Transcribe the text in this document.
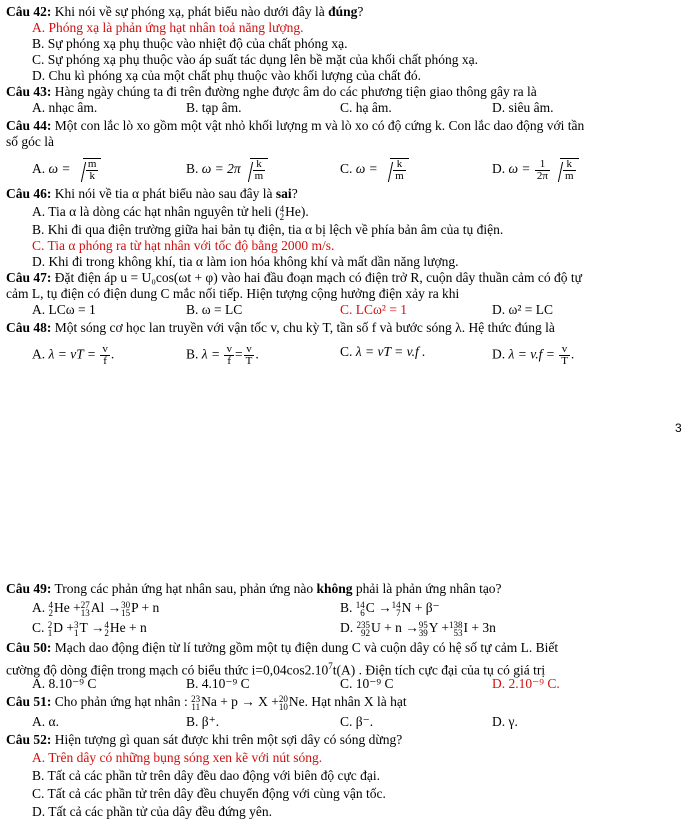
Câu 42: Khi nói về sự phóng xạ, phát biểu nào dưới đây là đúng?
A. Phóng xạ là phản ứng hạt nhân toả năng lượng.
B. Sự phóng xạ phụ thuộc vào nhiệt độ của chất phóng xạ.
C. Sự phóng xạ phụ thuộc vào áp suất tác dụng lên bề mặt của khối chất phóng xạ.
D. Chu kì phóng xạ của một chất phụ thuộc vào khối lượng của chất đó.
Câu 43: Hàng ngày chúng ta đi trên đường nghe được âm do các phương tiện giao thông gây ra là
A. nhạc âm.	B. tạp âm.	C. hạ âm.	D. siêu âm.
Câu 44: Một con lắc lò xo gồm một vật nhỏ khối lượng m và lò xo có độ cứng k. Con lắc dao động với tần
số góc là
A. $\omega = \frac{m}{k}$	B. $\omega = 2\pi \frac{k}{m}$	C. $\omega = \frac{k}{m}$	D. $\omega = \frac{1}{2\pi} \frac{k}{m}$
Câu 46: Khi nói về tia α phát biểu nào sau đây là sai?
A. Tia α là dòng các hạt nhân nguyên tử heli ( 4
2 He).
B. Khi đi qua điện trường giữa hai bản tụ điện, tia α bị lệch về phía bản âm của tụ điện.
C. Tia α phóng ra từ hạt nhân với tốc độ bằng 2000 m/s.
D. Khi đi trong không khí, tia α làm ion hóa không khí và mất dần năng lượng.
Câu 47: Đặt điện áp u = U₀cos(ωt + φ) vào hai đầu đoạn mạch có điện trở R, cuộn dây thuần cảm có độ tự
cảm L, tụ điện có điện dung C mắc nối tiếp. Hiện tượng cộng hưởng điện xảy ra khi
A. LCω = 1	B. ω = LC	C. LCω² = 1	D. ω² = LC
Câu 48: Một sóng cơ học lan truyền với vận tốc v, chu kỳ T, tần số f và bước sóng λ. Hệ thức đúng là
A. λ = vT = $\frac{v}{f}$ .	B. $\lambda = \frac{v}{f} = \frac{v}{T}$ .	C. λ = vT = v.f .	D. $\lambda = v.f = \frac{v}{T}$ .
3
Câu 49: Trong các phản ứng hạt nhân sau, phản ứng nào không phải là phản ứng nhân tạo?
A. 4
2 He + 27
13 Al → 30
15 P + n	B. 14
6 C → 14
7 N + β⁻
C. 2
1 D + 3
1 T → 4
2 He + n	D. 235
92 U + n → 95
39 Y + 138
53 I + 3n
Câu 50: Mạch dao động điện từ lí tưởng gồm một tụ điện dung C và cuộn dây có hệ số tự cảm L. Biết
cường độ dòng điện trong mạch có biểu thức $i=0,04\cos 2.10^7t(A)$ . Điện tích cực đại của tụ có giá trị
A. 8.10⁻⁹ C	B. 4.10⁻⁹ C	C. 10⁻⁹ C	D. 2.10⁻⁹ C.
Câu 51: Cho phản ứng hạt nhân : 23
11 Na + p → X + 20
10 Ne. Hạt nhân X là hạt
A. α.	B. β⁺.	C. β⁻.	D. γ.
Câu 52: Hiện tượng gì quan sát được khi trên một sợi dây có sóng dừng?
A. Trên dây có những bụng sóng xen kẽ với nút sóng.
B. Tất cả các phần tử trên dây đều dao động với biên độ cực đại.
C. Tất cả các phần tử trên dây đều chuyển động với cùng vận tốc.
D. Tất cả các phần tử của dây đều đứng yên.
